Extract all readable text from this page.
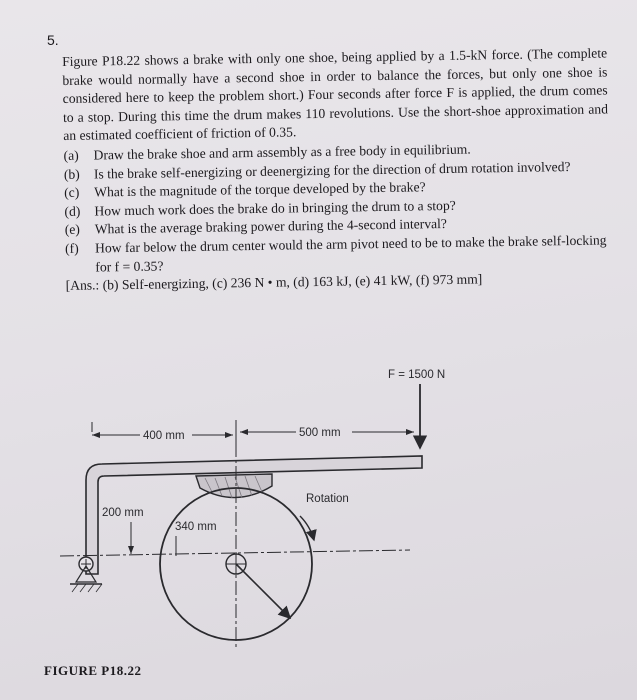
5.

Figure P18.22 shows a brake with only one shoe, being applied by a 1.5-kN force. (The complete brake would normally have a second shoe in order to balance the forces, but only one shoe is considered here to keep the problem short.) Four seconds after force F is applied, the drum comes to a stop. During this time the drum makes 110 revolutions. Use the short-shoe approximation and an estimated coefficient of friction of 0.35.

(a) Draw the brake shoe and arm assembly as a free body in equilibrium.
(b) Is the brake self-energizing or deenergizing for the direction of drum rotation involved?
(c) What is the magnitude of the torque developed by the brake?
(d) How much work does the brake do in bringing the drum to a stop?
(e) What is the average braking power during the 4-second interval?
(f) How far below the drum center would the arm pivot need to be to make the brake self-locking for f = 0.35?

[Ans.: (b) Self-energizing, (c) 236 N • m, (d) 163 kJ, (e) 41 kW, (f) 973 mm]

F = 1500 N
400 mm	500 mm
200 mm
340 mm
Rotation
FIGURE P18.22
